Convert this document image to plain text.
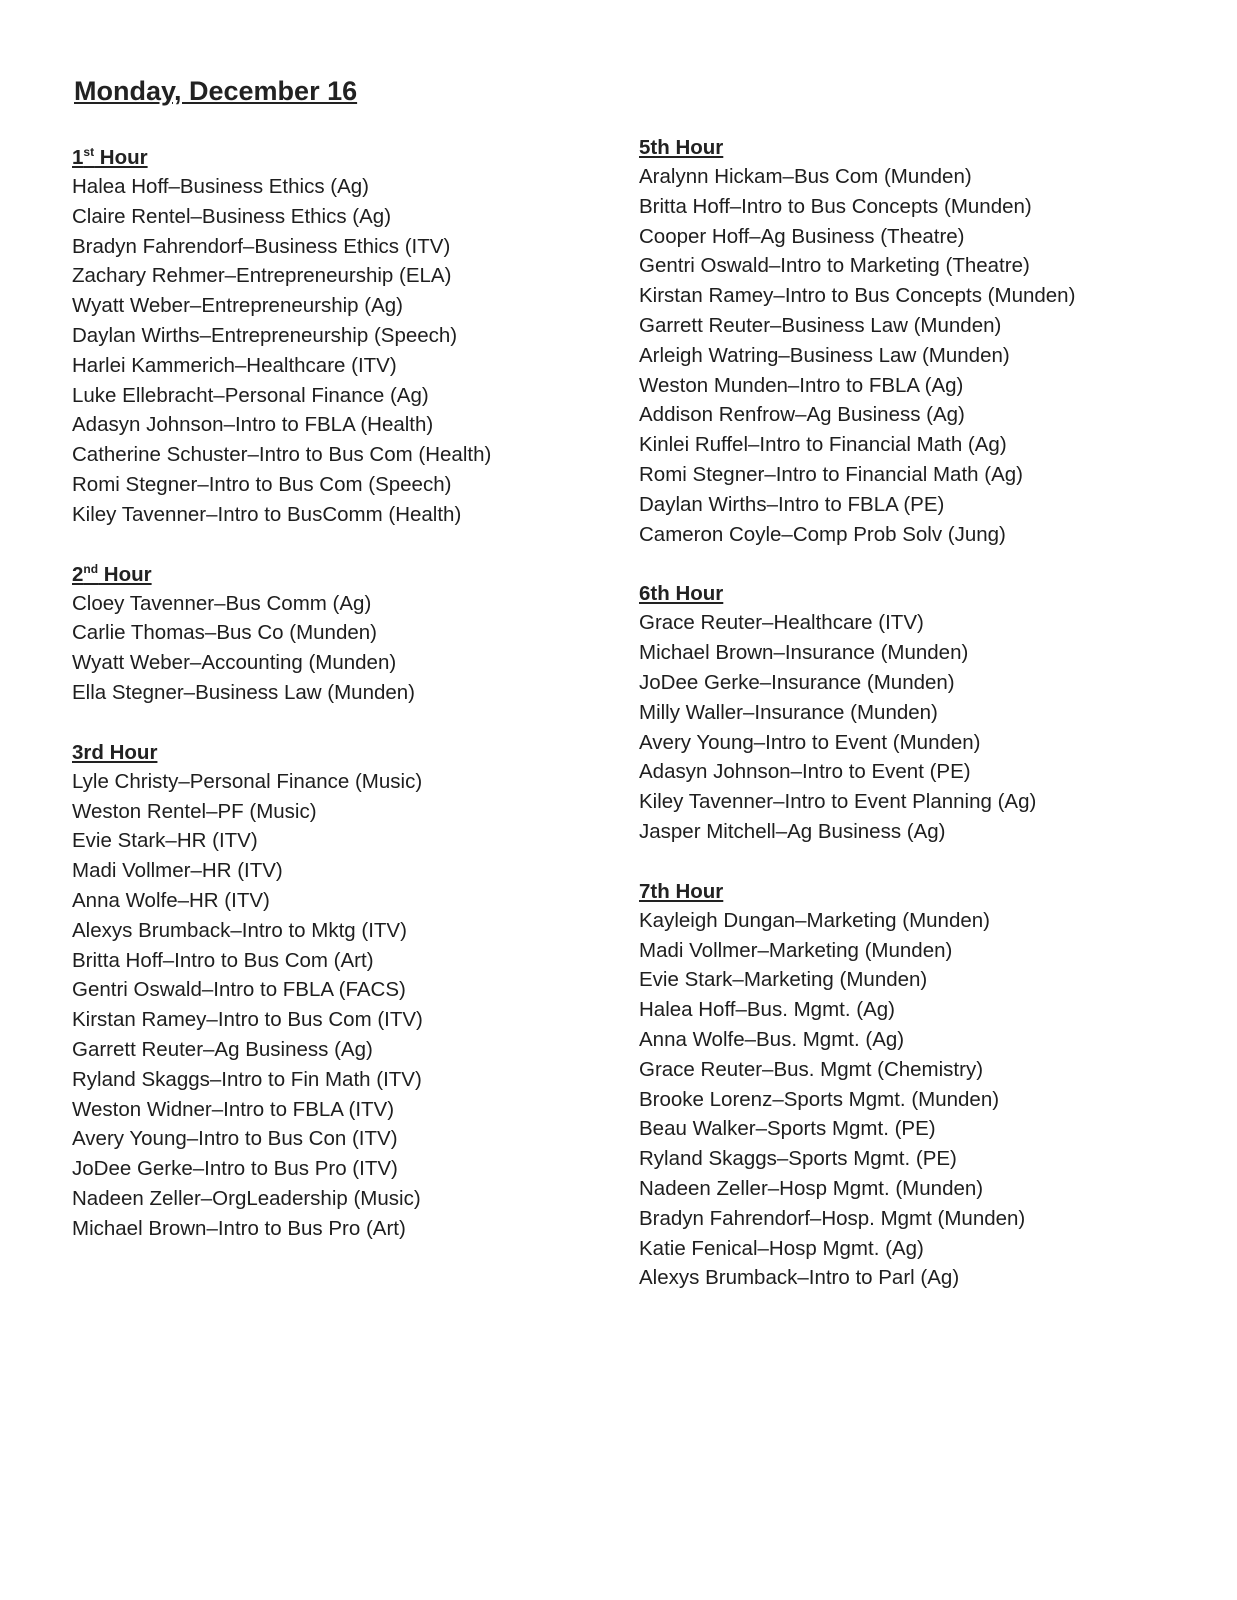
Monday, December 16
1st Hour
Halea Hoff–Business Ethics (Ag)
Claire Rentel–Business Ethics (Ag)
Bradyn Fahrendorf–Business Ethics (ITV)
Zachary Rehmer–Entrepreneurship (ELA)
Wyatt Weber–Entrepreneurship (Ag)
Daylan Wirths–Entrepreneurship (Speech)
Harlei Kammerich–Healthcare (ITV)
Luke Ellebracht–Personal Finance (Ag)
Adasyn Johnson–Intro to FBLA (Health)
Catherine Schuster–Intro to Bus Com (Health)
Romi Stegner–Intro to Bus Com (Speech)
Kiley Tavenner–Intro to BusComm (Health)
2nd Hour
Cloey Tavenner–Bus Comm (Ag)
Carlie Thomas–Bus Co (Munden)
Wyatt Weber–Accounting (Munden)
Ella Stegner–Business Law (Munden)
3rd Hour
Lyle Christy–Personal Finance (Music)
Weston Rentel–PF (Music)
Evie Stark–HR (ITV)
Madi Vollmer–HR (ITV)
Anna Wolfe–HR (ITV)
Alexys Brumback–Intro to Mktg (ITV)
Britta Hoff–Intro to Bus Com (Art)
Gentri Oswald–Intro to FBLA (FACS)
Kirstan Ramey–Intro to Bus Com (ITV)
Garrett Reuter–Ag Business (Ag)
Ryland Skaggs–Intro to Fin Math (ITV)
Weston Widner–Intro to FBLA (ITV)
Avery Young–Intro to Bus Con (ITV)
JoDee Gerke–Intro to Bus Pro (ITV)
Nadeen Zeller–OrgLeadership (Music)
Michael Brown–Intro to Bus Pro (Art)
5th Hour
Aralynn Hickam–Bus Com (Munden)
Britta Hoff–Intro to Bus Concepts (Munden)
Cooper Hoff–Ag Business (Theatre)
Gentri Oswald–Intro to Marketing (Theatre)
Kirstan Ramey–Intro to Bus Concepts (Munden)
Garrett Reuter–Business Law (Munden)
Arleigh Watring–Business Law (Munden)
Weston Munden–Intro to FBLA (Ag)
Addison Renfrow–Ag Business (Ag)
Kinlei Ruffel–Intro to Financial Math (Ag)
Romi Stegner–Intro to Financial Math (Ag)
Daylan Wirths–Intro to FBLA (PE)
Cameron Coyle–Comp Prob Solv (Jung)
6th Hour
Grace Reuter–Healthcare (ITV)
Michael Brown–Insurance (Munden)
JoDee Gerke–Insurance (Munden)
Milly Waller–Insurance (Munden)
Avery Young–Intro to Event (Munden)
Adasyn Johnson–Intro to Event (PE)
Kiley Tavenner–Intro to Event Planning (Ag)
Jasper Mitchell–Ag Business (Ag)
7th Hour
Kayleigh Dungan–Marketing (Munden)
Madi Vollmer–Marketing (Munden)
Evie Stark–Marketing (Munden)
Halea Hoff–Bus. Mgmt. (Ag)
Anna Wolfe–Bus. Mgmt. (Ag)
Grace Reuter–Bus. Mgmt (Chemistry)
Brooke Lorenz–Sports Mgmt. (Munden)
Beau Walker–Sports Mgmt. (PE)
Ryland Skaggs–Sports Mgmt. (PE)
Nadeen Zeller–Hosp Mgmt. (Munden)
Bradyn Fahrendorf–Hosp. Mgmt (Munden)
Katie Fenical–Hosp Mgmt. (Ag)
Alexys Brumback–Intro to Parl (Ag)
